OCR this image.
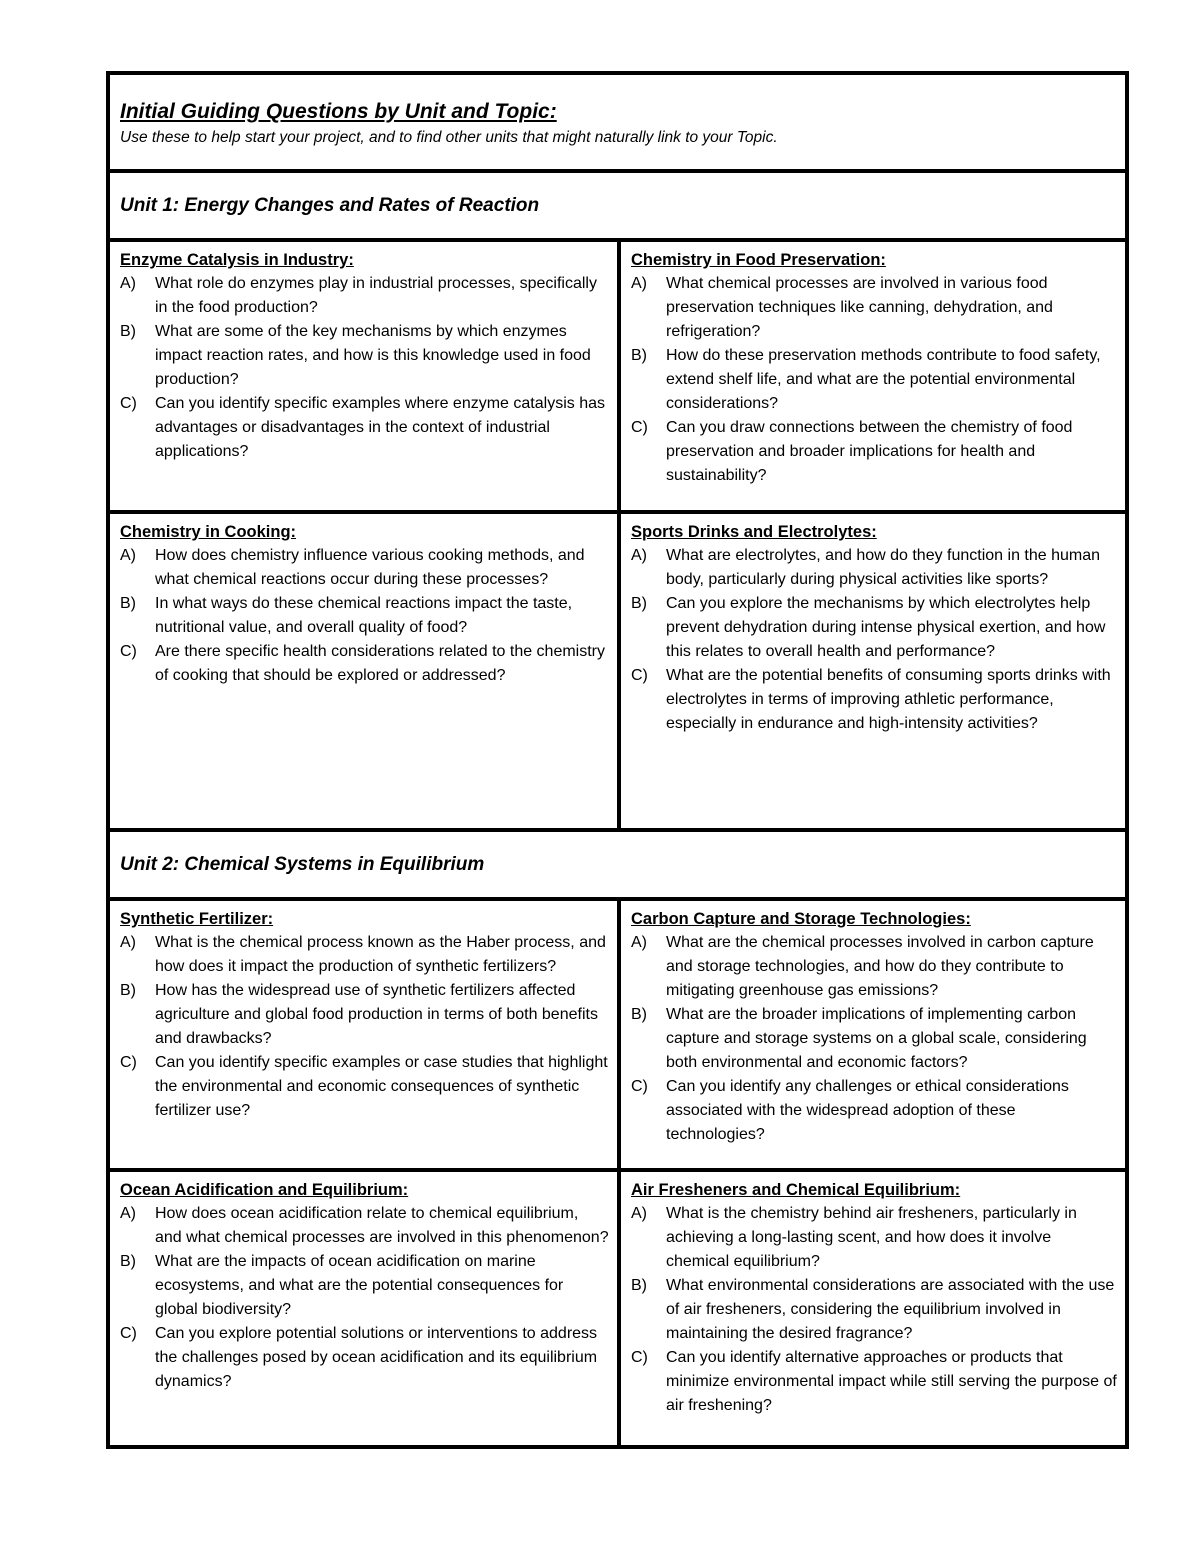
Initial Guiding Questions by Unit and Topic:
Use these to help start your project, and to find other units that might naturally link to your Topic.
Unit 1: Energy Changes and Rates of Reaction
Enzyme Catalysis in Industry:
A)	What role do enzymes play in industrial processes, specifically in the food production?
B)	What are some of the key mechanisms by which enzymes impact reaction rates, and how is this knowledge used in food production?
C)	Can you identify specific examples where enzyme catalysis has advantages or disadvantages in the context of industrial applications?
Chemistry in Food Preservation:
A)	What chemical processes are involved in various food preservation techniques like canning, dehydration, and refrigeration?
B)	How do these preservation methods contribute to food safety, extend shelf life, and what are the potential environmental considerations?
C)	Can you draw connections between the chemistry of food preservation and broader implications for health and sustainability?
Chemistry in Cooking:
A)	How does chemistry influence various cooking methods, and what chemical reactions occur during these processes?
B)	In what ways do these chemical reactions impact the taste, nutritional value, and overall quality of food?
C)	Are there specific health considerations related to the chemistry of cooking that should be explored or addressed?
Sports Drinks and Electrolytes:
A)	What are electrolytes, and how do they function in the human body, particularly during physical activities like sports?
B)	Can you explore the mechanisms by which electrolytes help prevent dehydration during intense physical exertion, and how this relates to overall health and performance?
C)	What are the potential benefits of consuming sports drinks with electrolytes in terms of improving athletic performance, especially in endurance and high-intensity activities?
Unit 2: Chemical Systems in Equilibrium
Synthetic Fertilizer:
A)	What is the chemical process known as the Haber process, and how does it impact the production of synthetic fertilizers?
B)	How has the widespread use of synthetic fertilizers affected agriculture and global food production in terms of both benefits and drawbacks?
C)	Can you identify specific examples or case studies that highlight the environmental and economic consequences of synthetic fertilizer use?
Carbon Capture and Storage Technologies:
A)	What are the chemical processes involved in carbon capture and storage technologies, and how do they contribute to mitigating greenhouse gas emissions?
B)	What are the broader implications of implementing carbon capture and storage systems on a global scale, considering both environmental and economic factors?
C)	Can you identify any challenges or ethical considerations associated with the widespread adoption of these technologies?
Ocean Acidification and Equilibrium:
A)	How does ocean acidification relate to chemical equilibrium, and what chemical processes are involved in this phenomenon?
B)	What are the impacts of ocean acidification on marine ecosystems, and what are the potential consequences for global biodiversity?
C)	Can you explore potential solutions or interventions to address the challenges posed by ocean acidification and its equilibrium dynamics?
Air Fresheners and Chemical Equilibrium:
A)	What is the chemistry behind air fresheners, particularly in achieving a long-lasting scent, and how does it involve chemical equilibrium?
B)	What environmental considerations are associated with the use of air fresheners, considering the equilibrium involved in maintaining the desired fragrance?
C)	Can you identify alternative approaches or products that minimize environmental impact while still serving the purpose of air freshening?
